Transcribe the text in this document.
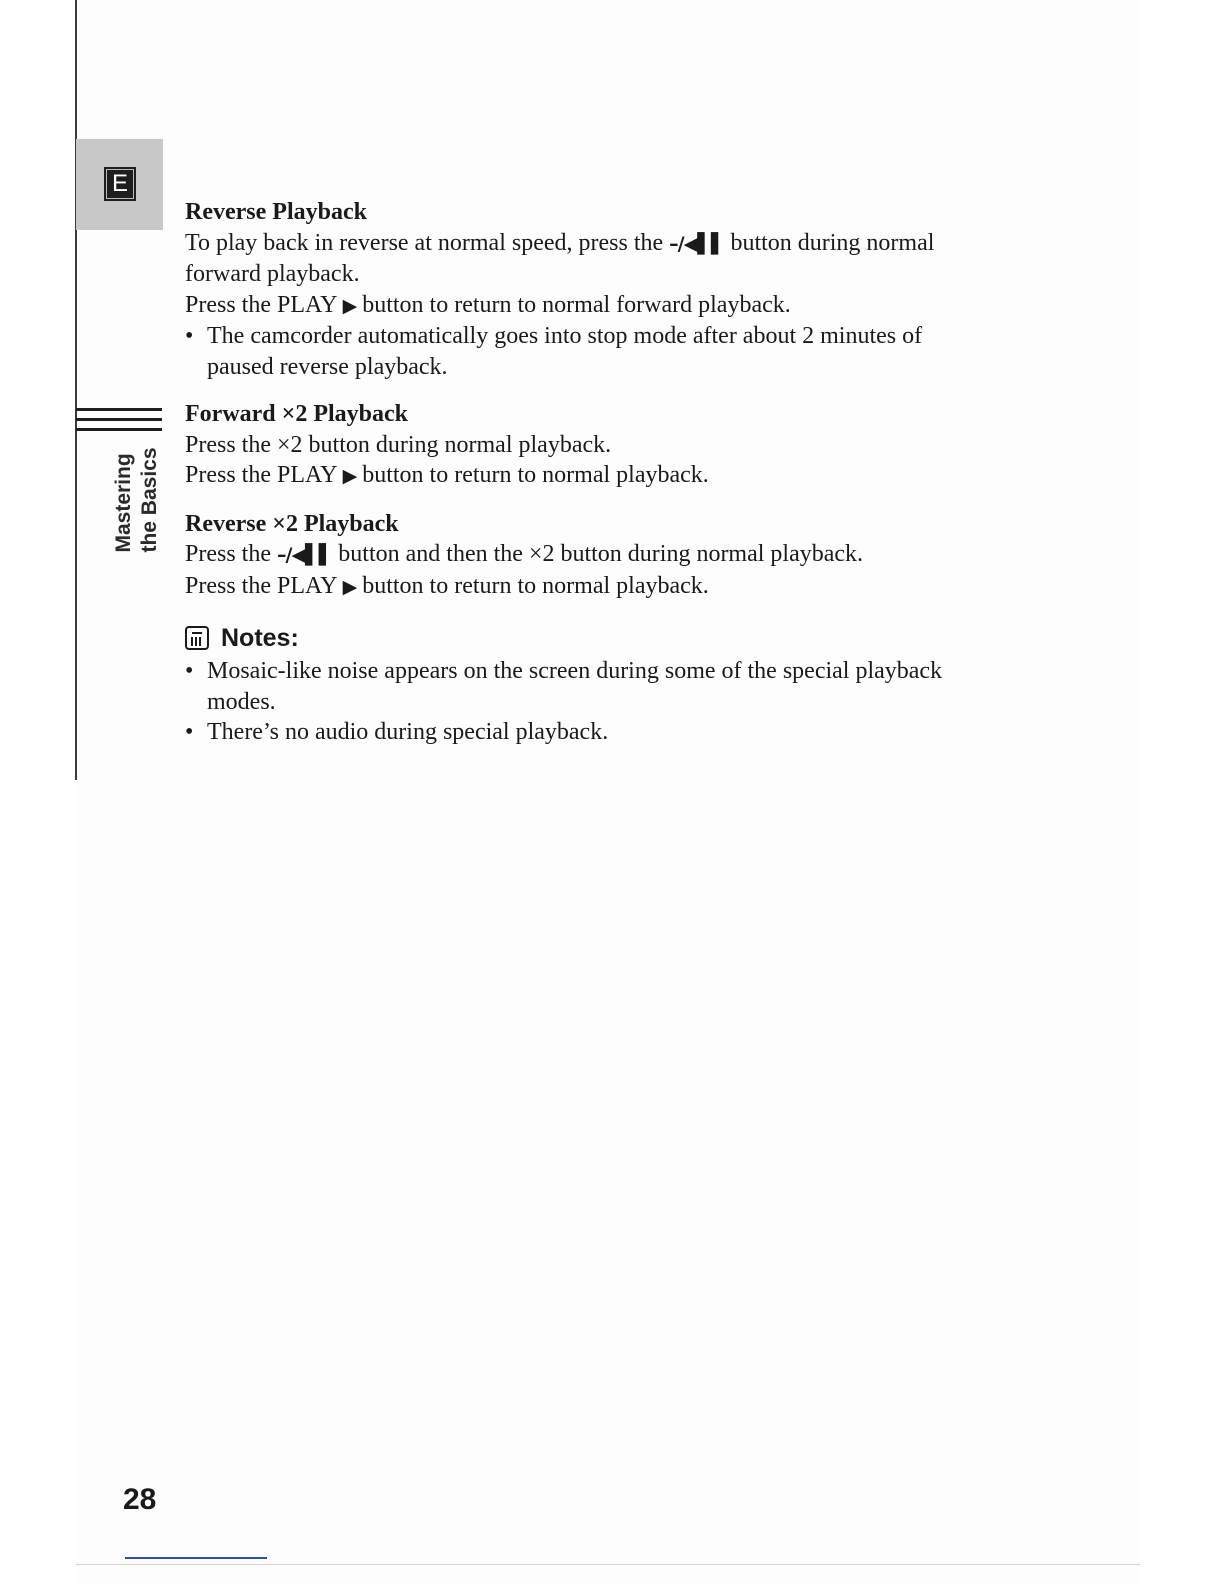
E
Mastering the Basics

Reverse Playback

To play back in reverse at normal speed, press the –/◀▌▌ button during normal

forward playback.

Press the PLAY ▶ button to return to normal forward playback.

• The camcorder automatically goes into stop mode after about 2 minutes of

paused reverse playback.

Forward ×2 Playback

Press the ×2 button during normal playback.

Press the PLAY ▶ button to return to normal playback.

Reverse ×2 Playback

Press the –/◀▌▌ button and then the ×2 button during normal playback.

Press the PLAY ▶ button to return to normal playback.

Notes:
• Mosaic-like noise appears on the screen during some of the special playback

modes.

• There’s no audio during special playback.

28
